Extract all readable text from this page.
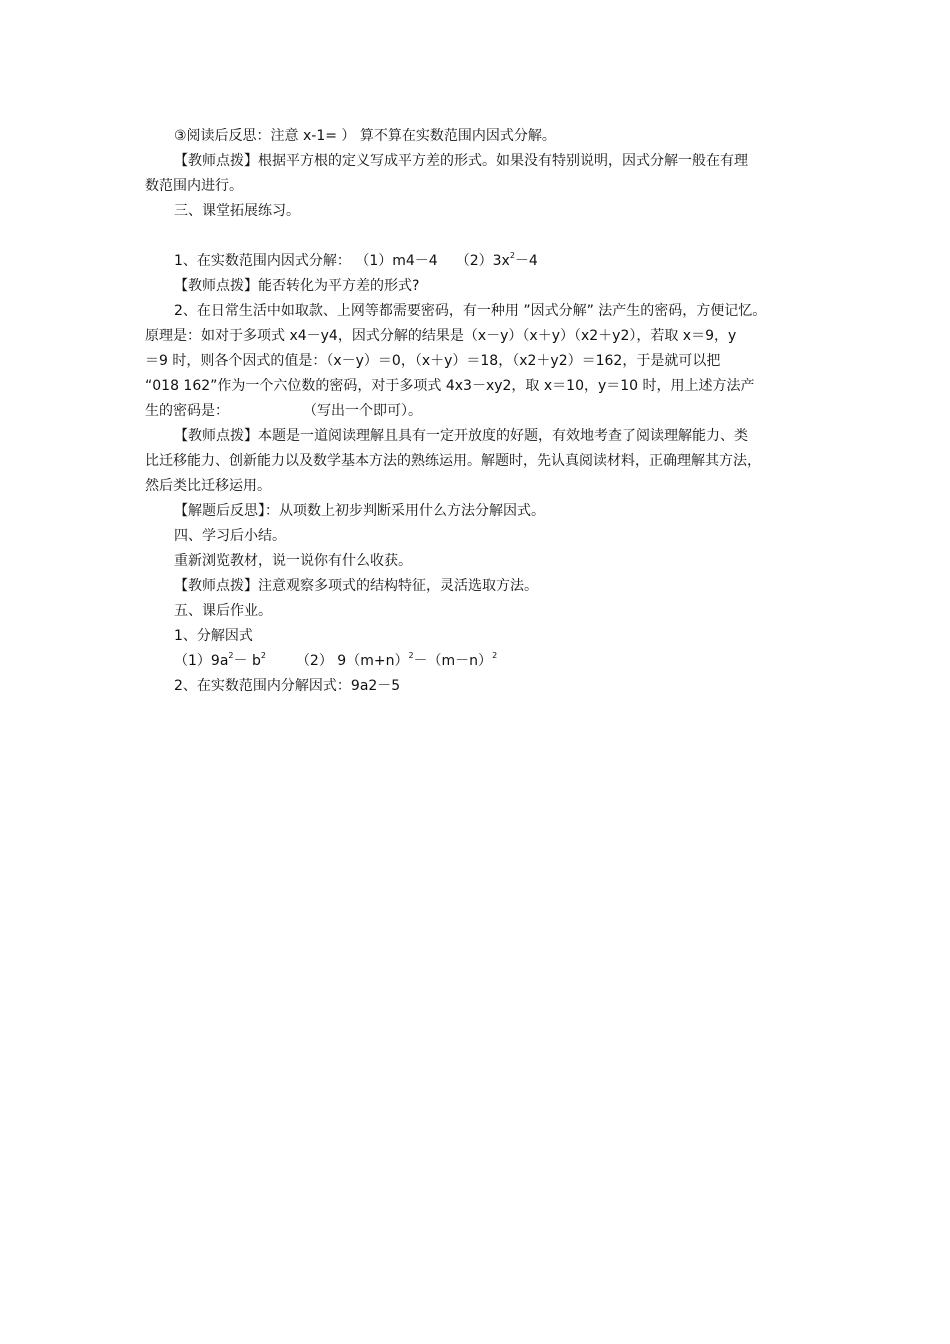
③阅读后反思：注意 x-1= ） 算不算在实数范围内因式分解。
【教师点拨】根据平方根的定义写成平方差的形式。如果没有特别说明，因式分解一般在有理
数范围内进行。
三、课堂拓展练习。
1、在实数范围内因式分解： （1）m4－4 $(2)3x^2-4$
【教师点拨】能否转化为平方差的形式?
2、在日常生活中如取款、上网等都需要密码，有一种用 ”因式分解” 法产生的密码，方便记忆。
原理是：如对于多项式 x4－y4，因式分解的结果是（x－y）（x＋y）（x2＋y2），若取 x＝9，y
＝9 时，则各个因式的值是：（x－y）＝0，（x＋y）＝18，（x2＋y2）＝162，于是就可以把
“018 162”作为一个六位数的密码，对于多项式 4x3－xy2，取 x＝10，y＝10 时，用上述方法产
生的密码是：	（写出一个即可）。
【教师点拨】本题是一道阅读理解且具有一定开放度的好题，有效地考查了阅读理解能力、类
比迁移能力、创新能力以及数学基本方法的熟练运用。解题时，先认真阅读材料，正确理解其方法，
然后类比迁移运用。
【解题后反思】：从项数上初步判断采用什么方法分解因式。
四、学习后小结。
重新浏览教材，说一说你有什么收获。
【教师点拨】注意观察多项式的结构特征，灵活选取方法。
五、课后作业。
1、分解因式
$(1)9a^2- b^2$ （2） $9(m+n)^2-(m-n)^2$
2、在实数范围内分解因式：9a2－5
